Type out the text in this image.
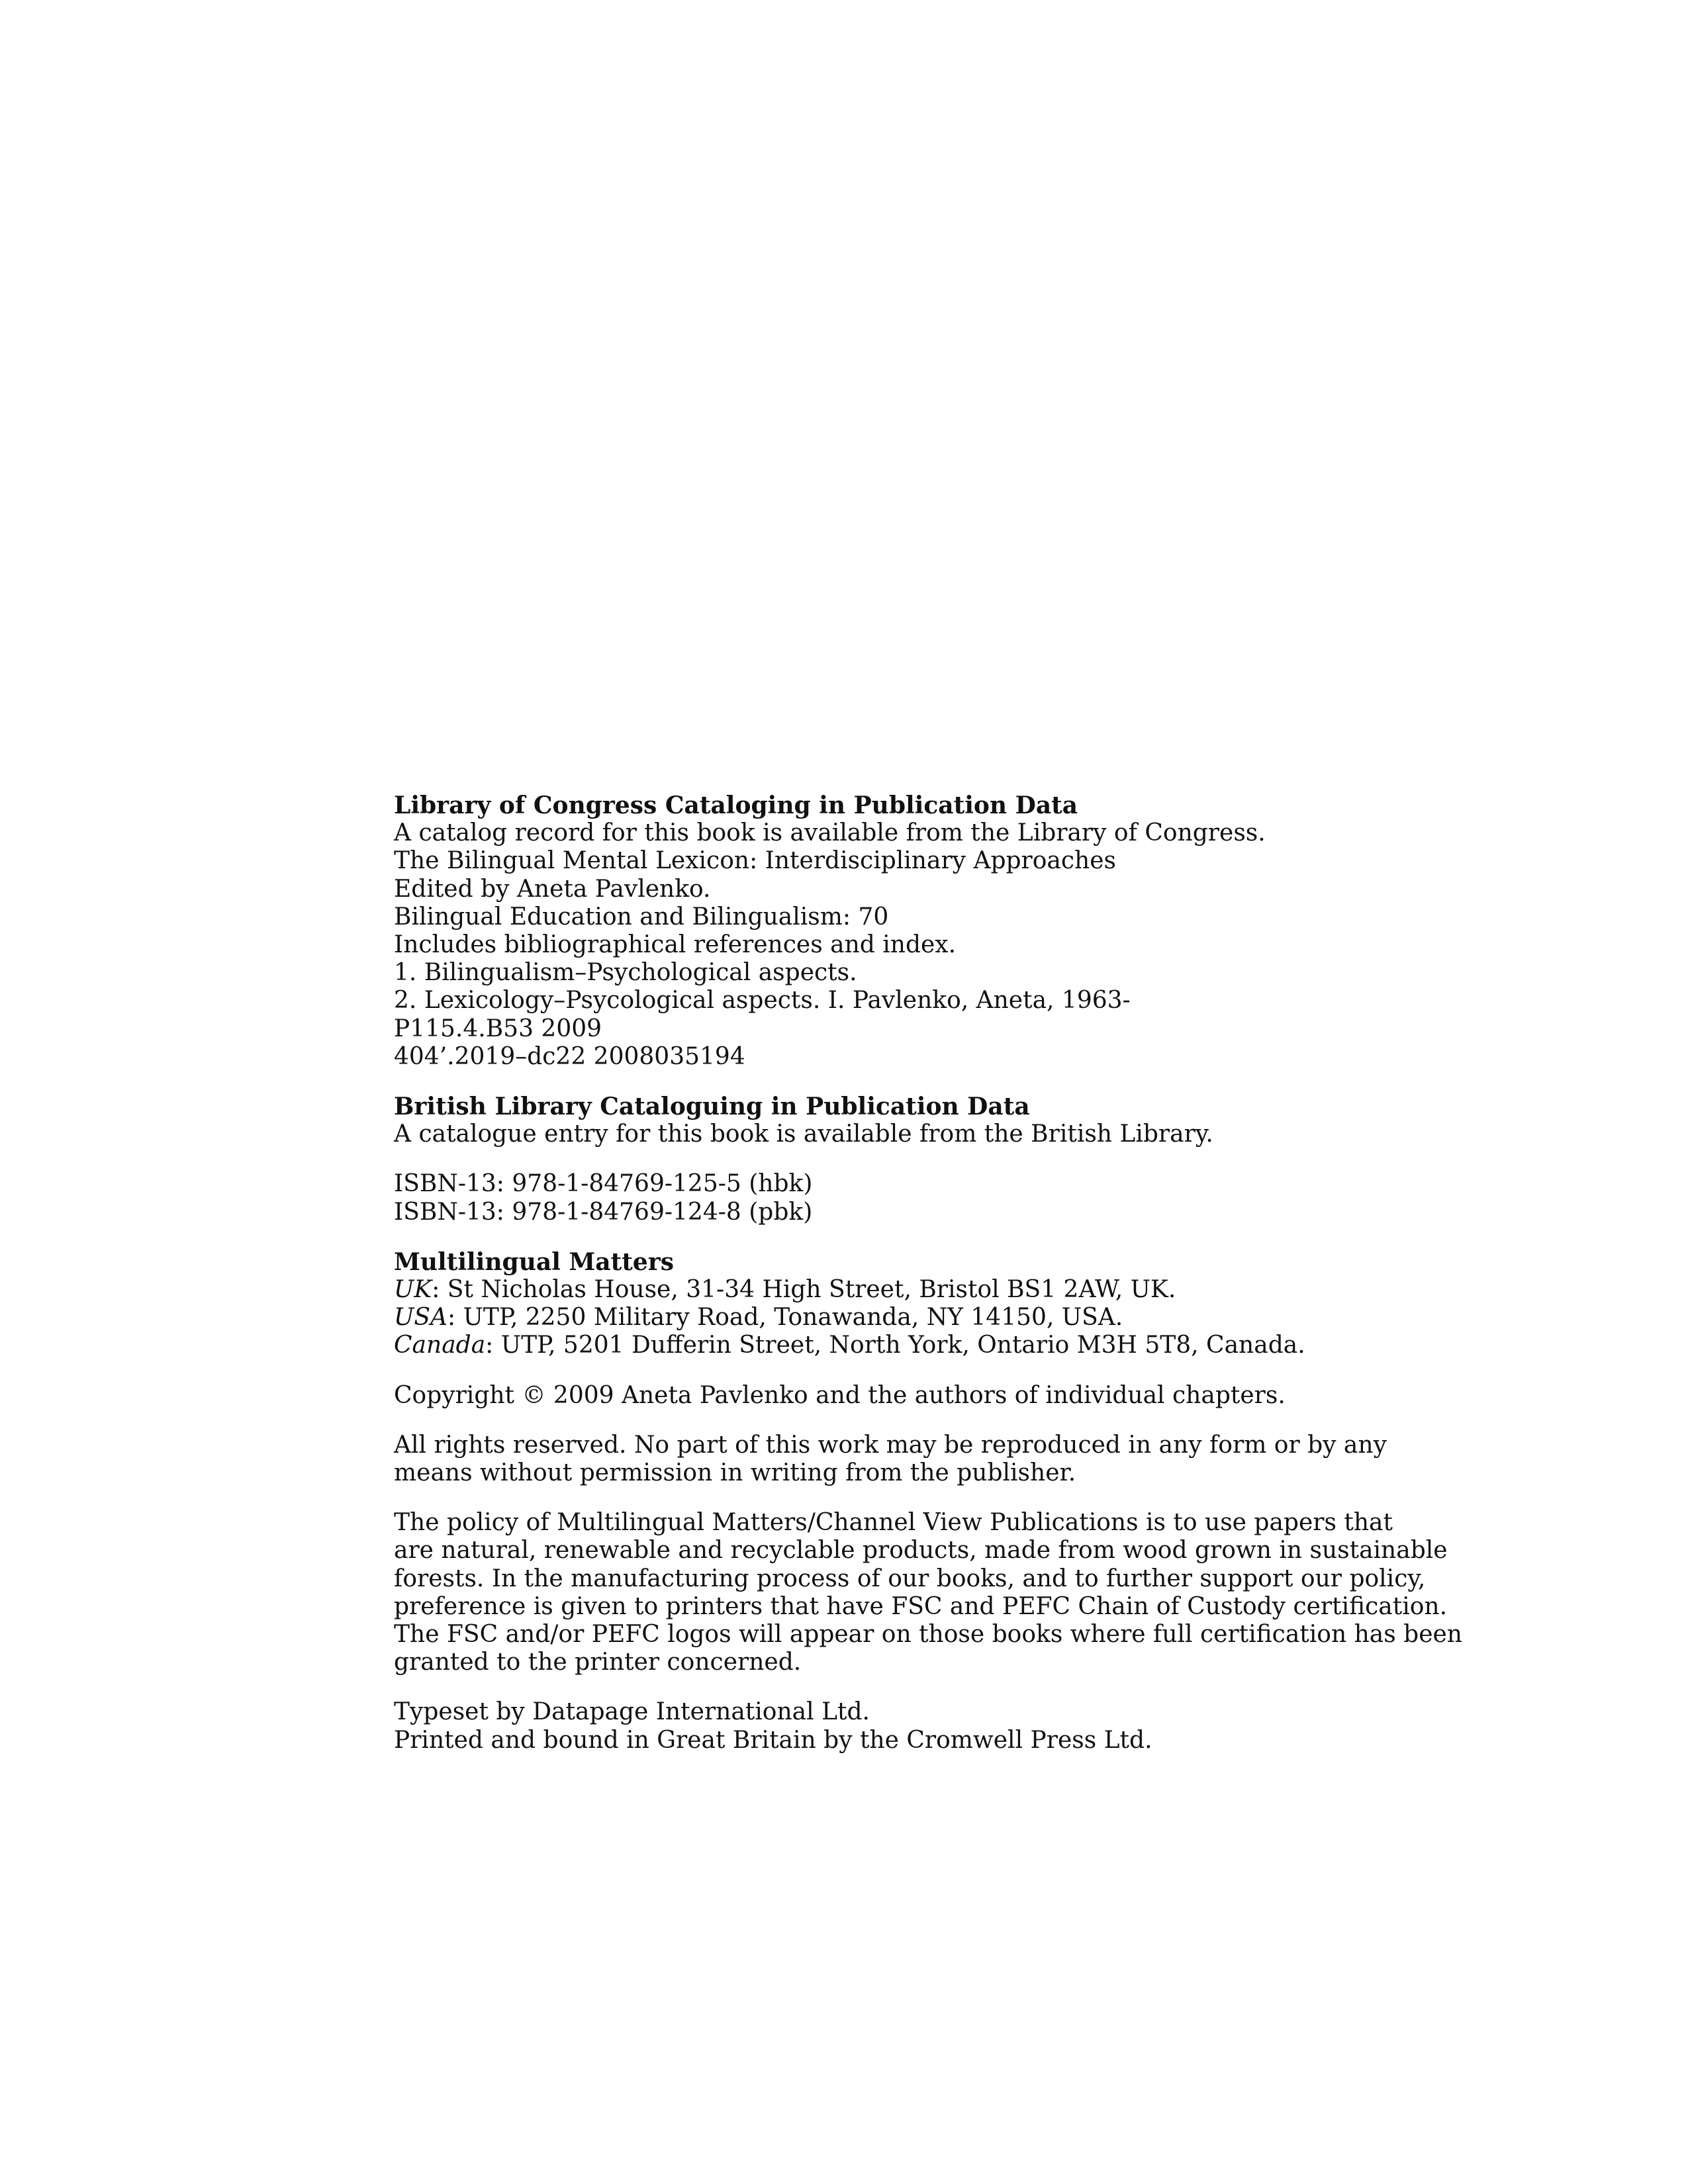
Library of Congress Cataloging in Publication Data
A catalog record for this book is available from the Library of Congress.
The Bilingual Mental Lexicon: Interdisciplinary Approaches
Edited by Aneta Pavlenko.
Bilingual Education and Bilingualism: 70
Includes bibliographical references and index.
1. Bilingualism–Psychological aspects.
2. Lexicology–Psycological aspects. I. Pavlenko, Aneta, 1963-
P115.4.B53 2009
404’.2019–dc22 2008035194
British Library Cataloguing in Publication Data
A catalogue entry for this book is available from the British Library.
ISBN-13: 978-1-84769-125-5 (hbk)
ISBN-13: 978-1-84769-124-8 (pbk)
Multilingual Matters
UK: St Nicholas House, 31-34 High Street, Bristol BS1 2AW, UK.
USA: UTP, 2250 Military Road, Tonawanda, NY 14150, USA.
Canada: UTP, 5201 Dufferin Street, North York, Ontario M3H 5T8, Canada.
Copyright © 2009 Aneta Pavlenko and the authors of individual chapters.
All rights reserved. No part of this work may be reproduced in any form or by any
means without permission in writing from the publisher.
The policy of Multilingual Matters/Channel View Publications is to use papers that
are natural, renewable and recyclable products, made from wood grown in sustainable
forests. In the manufacturing process of our books, and to further support our policy,
preference is given to printers that have FSC and PEFC Chain of Custody certification.
The FSC and/or PEFC logos will appear on those books where full certification has been
granted to the printer concerned.
Typeset by Datapage International Ltd.
Printed and bound in Great Britain by the Cromwell Press Ltd.
